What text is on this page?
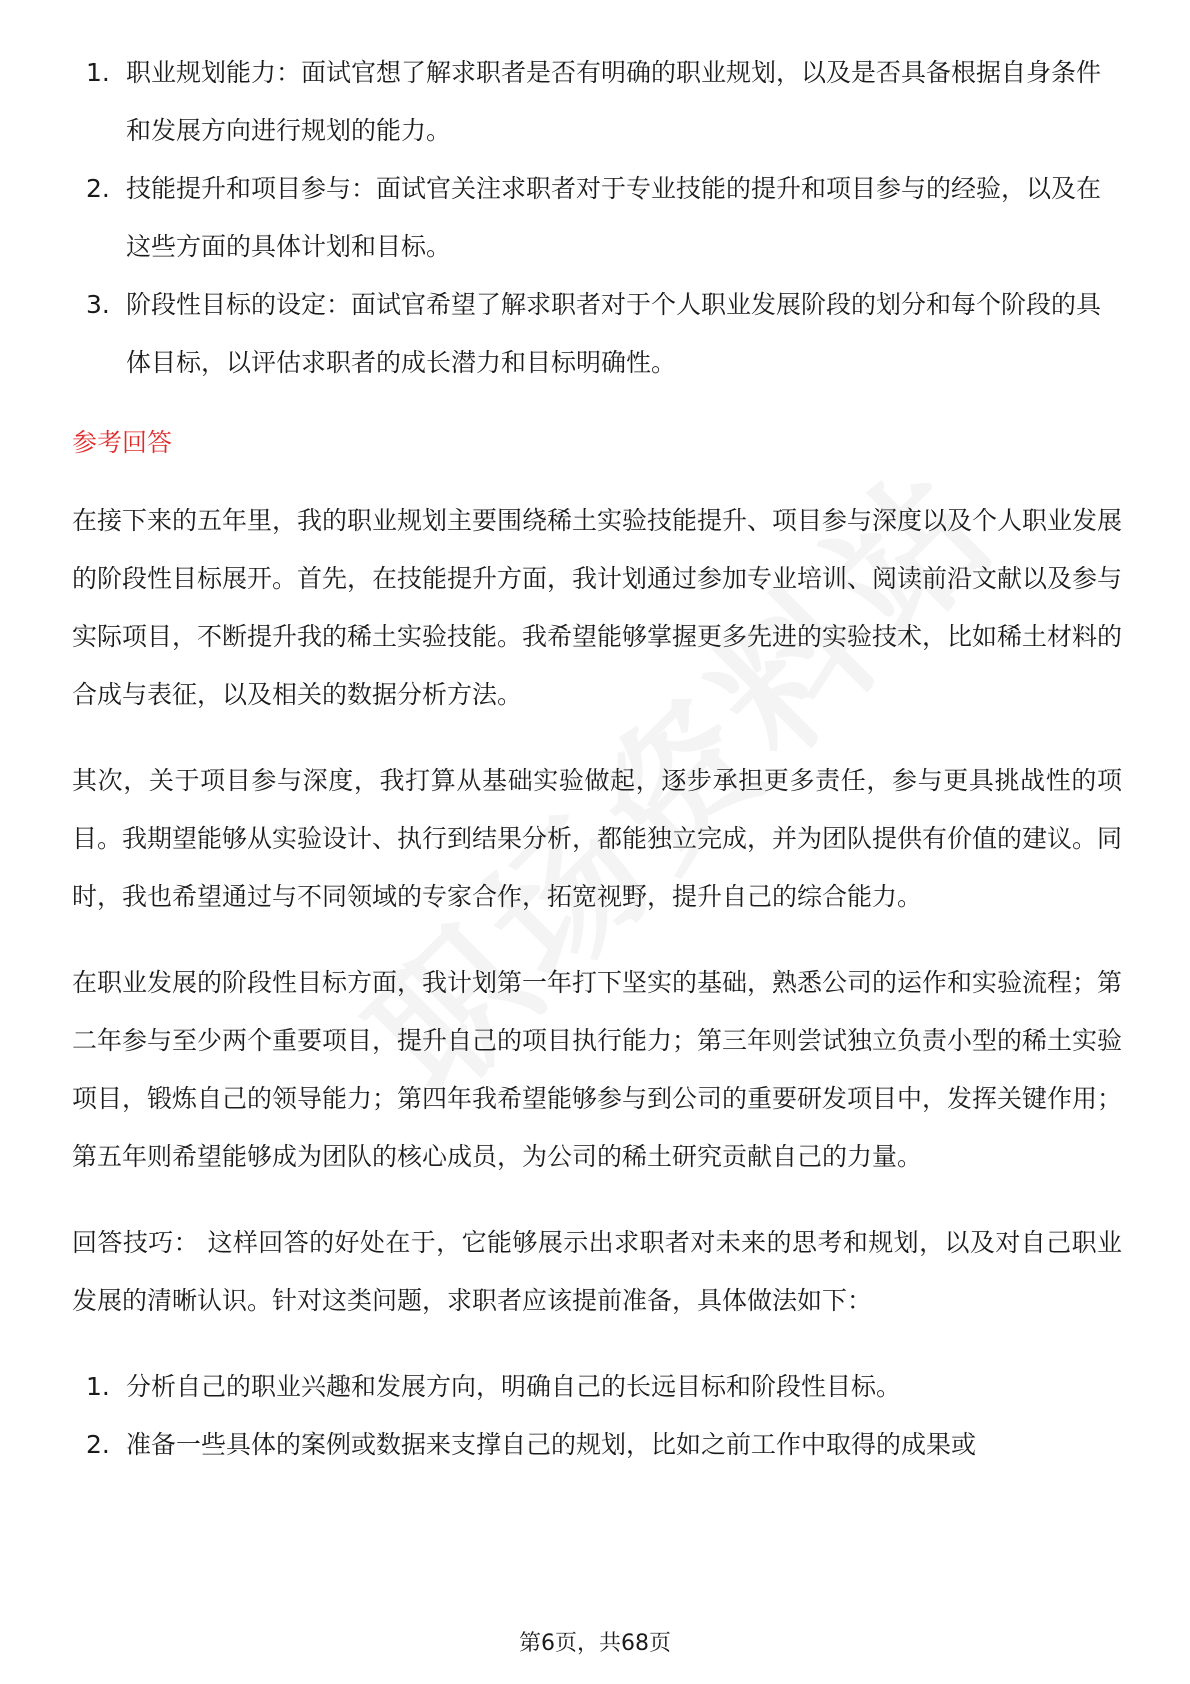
1. 职业规划能力：面试官想了解求职者是否有明确的职业规划，以及是否具备根据自身条件和发展方向进行规划的能力。
2. 技能提升和项目参与：面试官关注求职者对于专业技能的提升和项目参与的经验，以及在这些方面的具体计划和目标。
3. 阶段性目标的设定：面试官希望了解求职者对于个人职业发展阶段的划分和每个阶段的具体目标，以评估求职者的成长潜力和目标明确性。
参考回答

在接下来的五年里，我的职业规划主要围绕稀土实验技能提升、项目参与深度以及个人职业发展的阶段性目标展开。首先，在技能提升方面，我计划通过参加专业培训、阅读前沿文献以及参与实际项目，不断提升我的稀土实验技能。我希望能够掌握更多先进的实验技术，比如稀土材料的合成与表征，以及相关的数据分析方法。

其次，关于项目参与深度，我打算从基础实验做起，逐步承担更多责任，参与更具挑战性的项目。我期望能够从实验设计、执行到结果分析，都能独立完成，并为团队提供有价值的建议。同时，我也希望通过与不同领域的专家合作，拓宽视野，提升自己的综合能力。

在职业发展的阶段性目标方面，我计划第一年打下坚实的基础，熟悉公司的运作和实验流程；第二年参与至少两个重要项目，提升自己的项目执行能力；第三年则尝试独立负责小型的稀土实验项目，锻炼自己的领导能力；第四年我希望能够参与到公司的重要研发项目中，发挥关键作用；第五年则希望能够成为团队的核心成员，为公司的稀土研究贡献自己的力量。

回答技巧： 这样回答的好处在于，它能够展示出求职者对未来的思考和规划，以及对自己职业发展的清晰认识。针对这类问题，求职者应该提前准备，具体做法如下：

1. 分析自己的职业兴趣和发展方向，明确自己的长远目标和阶段性目标。
2. 准备一些具体的案例或数据来支撑自己的规划，比如之前工作中取得的成果或
第6页，共68页
